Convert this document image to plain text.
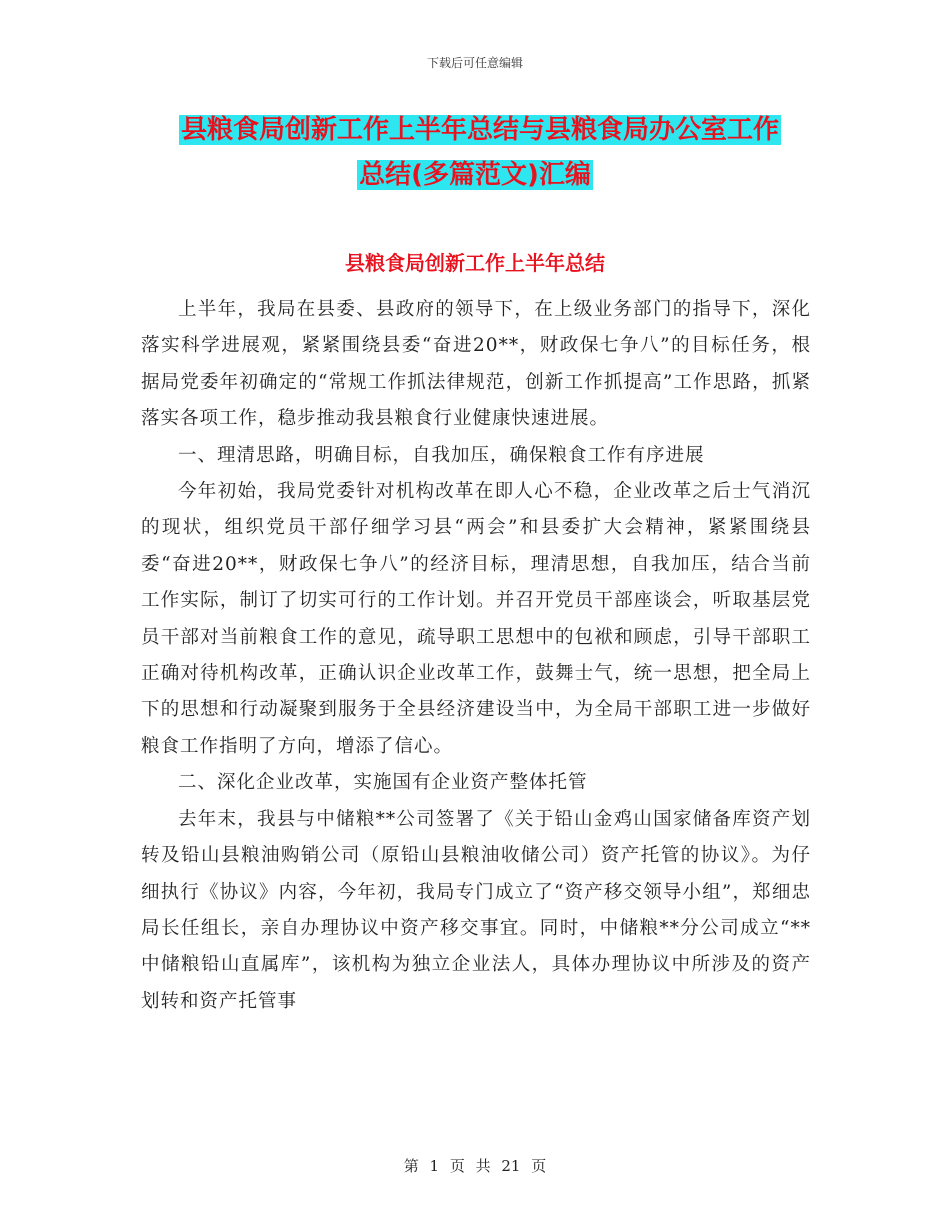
下载后可任意编辑
县粮食局创新工作上半年总结与县粮食局办公室工作
总结(多篇范文)汇编
县粮食局创新工作上半年总结

上半年，我局在县委、县政府的领导下，在上级业务部门的指导下，深化落实科学进展观，紧紧围绕县委“奋进20**，财政保七争八”的目标任务，根据局党委年初确定的“常规工作抓法律规范，创新工作抓提高”工作思路，抓紧落实各项工作，稳步推动我县粮食行业健康快速进展。

一、理清思路，明确目标，自我加压，确保粮食工作有序进展

今年初始，我局党委针对机构改革在即人心不稳，企业改革之后士气消沉的现状，组织党员干部仔细学习县“两会”和县委扩大会精神，紧紧围绕县委“奋进20**，财政保七争八”的经济目标，理清思想，自我加压，结合当前工作实际，制订了切实可行的工作计划。并召开党员干部座谈会，听取基层党员干部对当前粮食工作的意见，疏导职工思想中的包袱和顾虑，引导干部职工正确对待机构改革，正确认识企业改革工作，鼓舞士气，统一思想，把全局上下的思想和行动凝聚到服务于全县经济建设当中，为全局干部职工进一步做好粮食工作指明了方向，增添了信心。

二、深化企业改革，实施国有企业资产整体托管

去年末，我县与中储粮**公司签署了《关于铅山金鸡山国家储备库资产划转及铅山县粮油购销公司（原铅山县粮油收储公司）资产托管的协议》。为仔细执行《协议》内容，今年初，我局专门成立了“资产移交领导小组”，郑细忠局长任组长，亲自办理协议中资产移交事宜。同时，中储粮**分公司成立“**中储粮铅山直属库”，该机构为独立企业法人，具体办理协议中所涉及的资产划转和资产托管事

第 1 页 共 21 页
